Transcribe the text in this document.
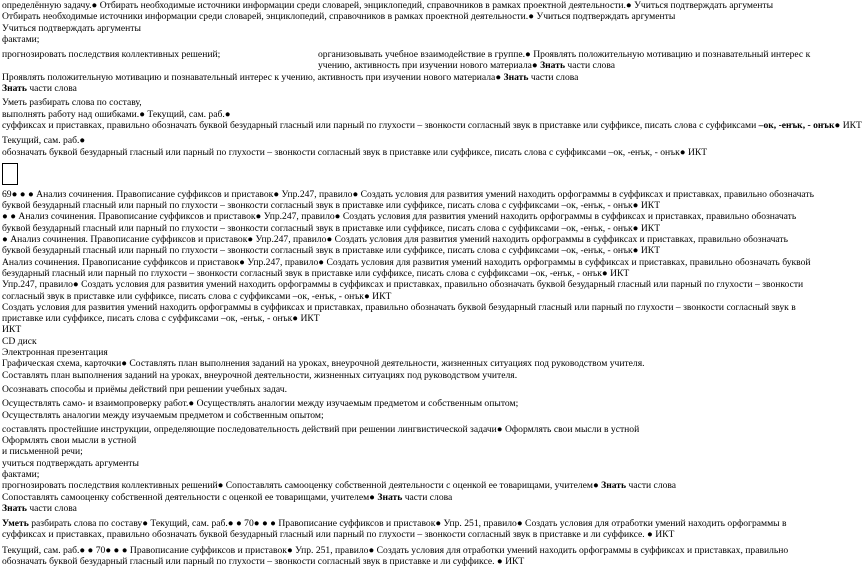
определённую задачу.● Отбирать необходимые источники информации среди словарей, энциклопедий, справочников в рамках проектной деятельности.● Учиться подтверждать аргументы
Отбирать необходимые источники информации среди словарей, энциклопедий, справочников в рамках проектной деятельности.● Учиться подтверждать аргументы
Учиться подтверждать аргументы
фактами;
прогнозировать последствия коллективных решений;	организовывать учебное взаимодействие в группе.● Проявлять положительную мотивацию и познавательный интерес к учению, активность при изучении нового материала● Знать части слова
Проявлять положительную мотивацию и познавательный интерес к учению, активность при изучении нового материала● Знать части слова
Знать части слова
Уметь разбирать слова по составу,
выполнять работу над ошибками.● Текущий, сам. раб.●
суффиксах и приставках, правильно обозначать буквой безударный гласный или парный по глухости – звонкости согласный звук в приставке или суффиксе, писать слова с суффиксами –ок, -енък, - онък● ИКТ
Текущий, сам. раб.●
обозначать буквой безударный гласный или парный по глухости – звонкости согласный звук в приставке или суффиксе, писать слова с суффиксами –ок, -енък, - онък● ИКТ
69● ● ● Анализ сочинения. Правописание суффиксов и приставок● Упр.247, правило● Создать условия для развития умений находить орфограммы в суффиксах и приставках, правильно обозначать буквой безударный гласный или парный по глухости – звонкости согласный звук в приставке или суффиксе, писать слова с суффиксами –ок, -енък, - онък● ИКТ
● ● Анализ сочинения. Правописание суффиксов и приставок● Упр.247, правило● Создать условия для развития умений находить орфограммы в суффиксах и приставках, правильно обозначать буквой безударный гласный или парный по глухости – звонкости согласный звук в приставке или суффиксе, писать слова с суффиксами –ок, -енък, - онък● ИКТ
● Анализ сочинения. Правописание суффиксов и приставок● Упр.247, правило● Создать условия для развития умений находить орфограммы в суффиксах и приставках, правильно обозначать буквой безударный гласный или парный по глухости – звонкости согласный звук в приставке или суффиксе, писать слова с суффиксами –ок, -енък, - онък● ИКТ
Анализ сочинения. Правописание суффиксов и приставок● Упр.247, правило● Создать условия для развития умений находить орфограммы в суффиксах и приставках, правильно обозначать буквой безударный гласный или парный по глухости – звонкости согласный звук в приставке или суффиксе, писать слова с суффиксами –ок, -енък, - онък● ИКТ
Упр.247, правило● Создать условия для развития умений находить орфограммы в суффиксах и приставках, правильно обозначать буквой безударный гласный или парный по глухости – звонкости согласный звук в приставке или суффиксе, писать слова с суффиксами –ок, -енък, - онък● ИКТ
Создать условия для развития умений находить орфограммы в суффиксах и приставках, правильно обозначать буквой безударный гласный или парный по глухости – звонкости согласный звук в приставке или суффиксе, писать слова с суффиксами –ок, -енък, - онък● ИКТ
ИКТ
CD диск
Электронная презентация
Графическая схема, карточки● Составлять план выполнения заданий на уроках, внеурочной деятельности, жизненных ситуациях под руководством учителя.
Составлять план выполнения заданий на уроках, внеурочной деятельности, жизненных ситуациях под руководством учителя.
Осознавать способы и приёмы действий при решении учебных задач.
Осуществлять само- и взаимопроверку работ.● Осуществлять аналогии между изучаемым предметом и собственным опытом;
Осуществлять аналогии между изучаемым предметом и собственным опытом;
составлять простейшие инструкции, определяющие последовательность действий при решении лингвистической задачи● Оформлять свои мысли в устной
Оформлять свои мысли в устной
и письменной речи;
учиться подтверждать аргументы
фактами;
прогнозировать последствия коллективных решений● Сопоставлять самооценку собственной деятельности с оценкой ее товарищами, учителем● Знать части слова
Сопоставлять самооценку собственной деятельности с оценкой ее товарищами, учителем● Знать части слова
Знать части слова
Уметь разбирать слова по составу● Текущий, сам. раб.● ● 70● ● ● Правописание суффиксов и приставок● Упр. 251, правило● Создать условия для отработки умений находить орфограммы в суффиксах и приставках, правильно обозначать буквой безударный гласный или парный по глухости – звонкости согласный звук в приставке и ли суффиксе. ● ИКТ
Текущий, сам. раб.● ● 70● ● ● Правописание суффиксов и приставок● Упр. 251, правило● Создать условия для отработки умений находить орфограммы в суффиксах и приставках, правильно обозначать буквой безударный гласный или парный по глухости – звонкости согласный звук в приставке и ли суффиксе. ● ИКТ
